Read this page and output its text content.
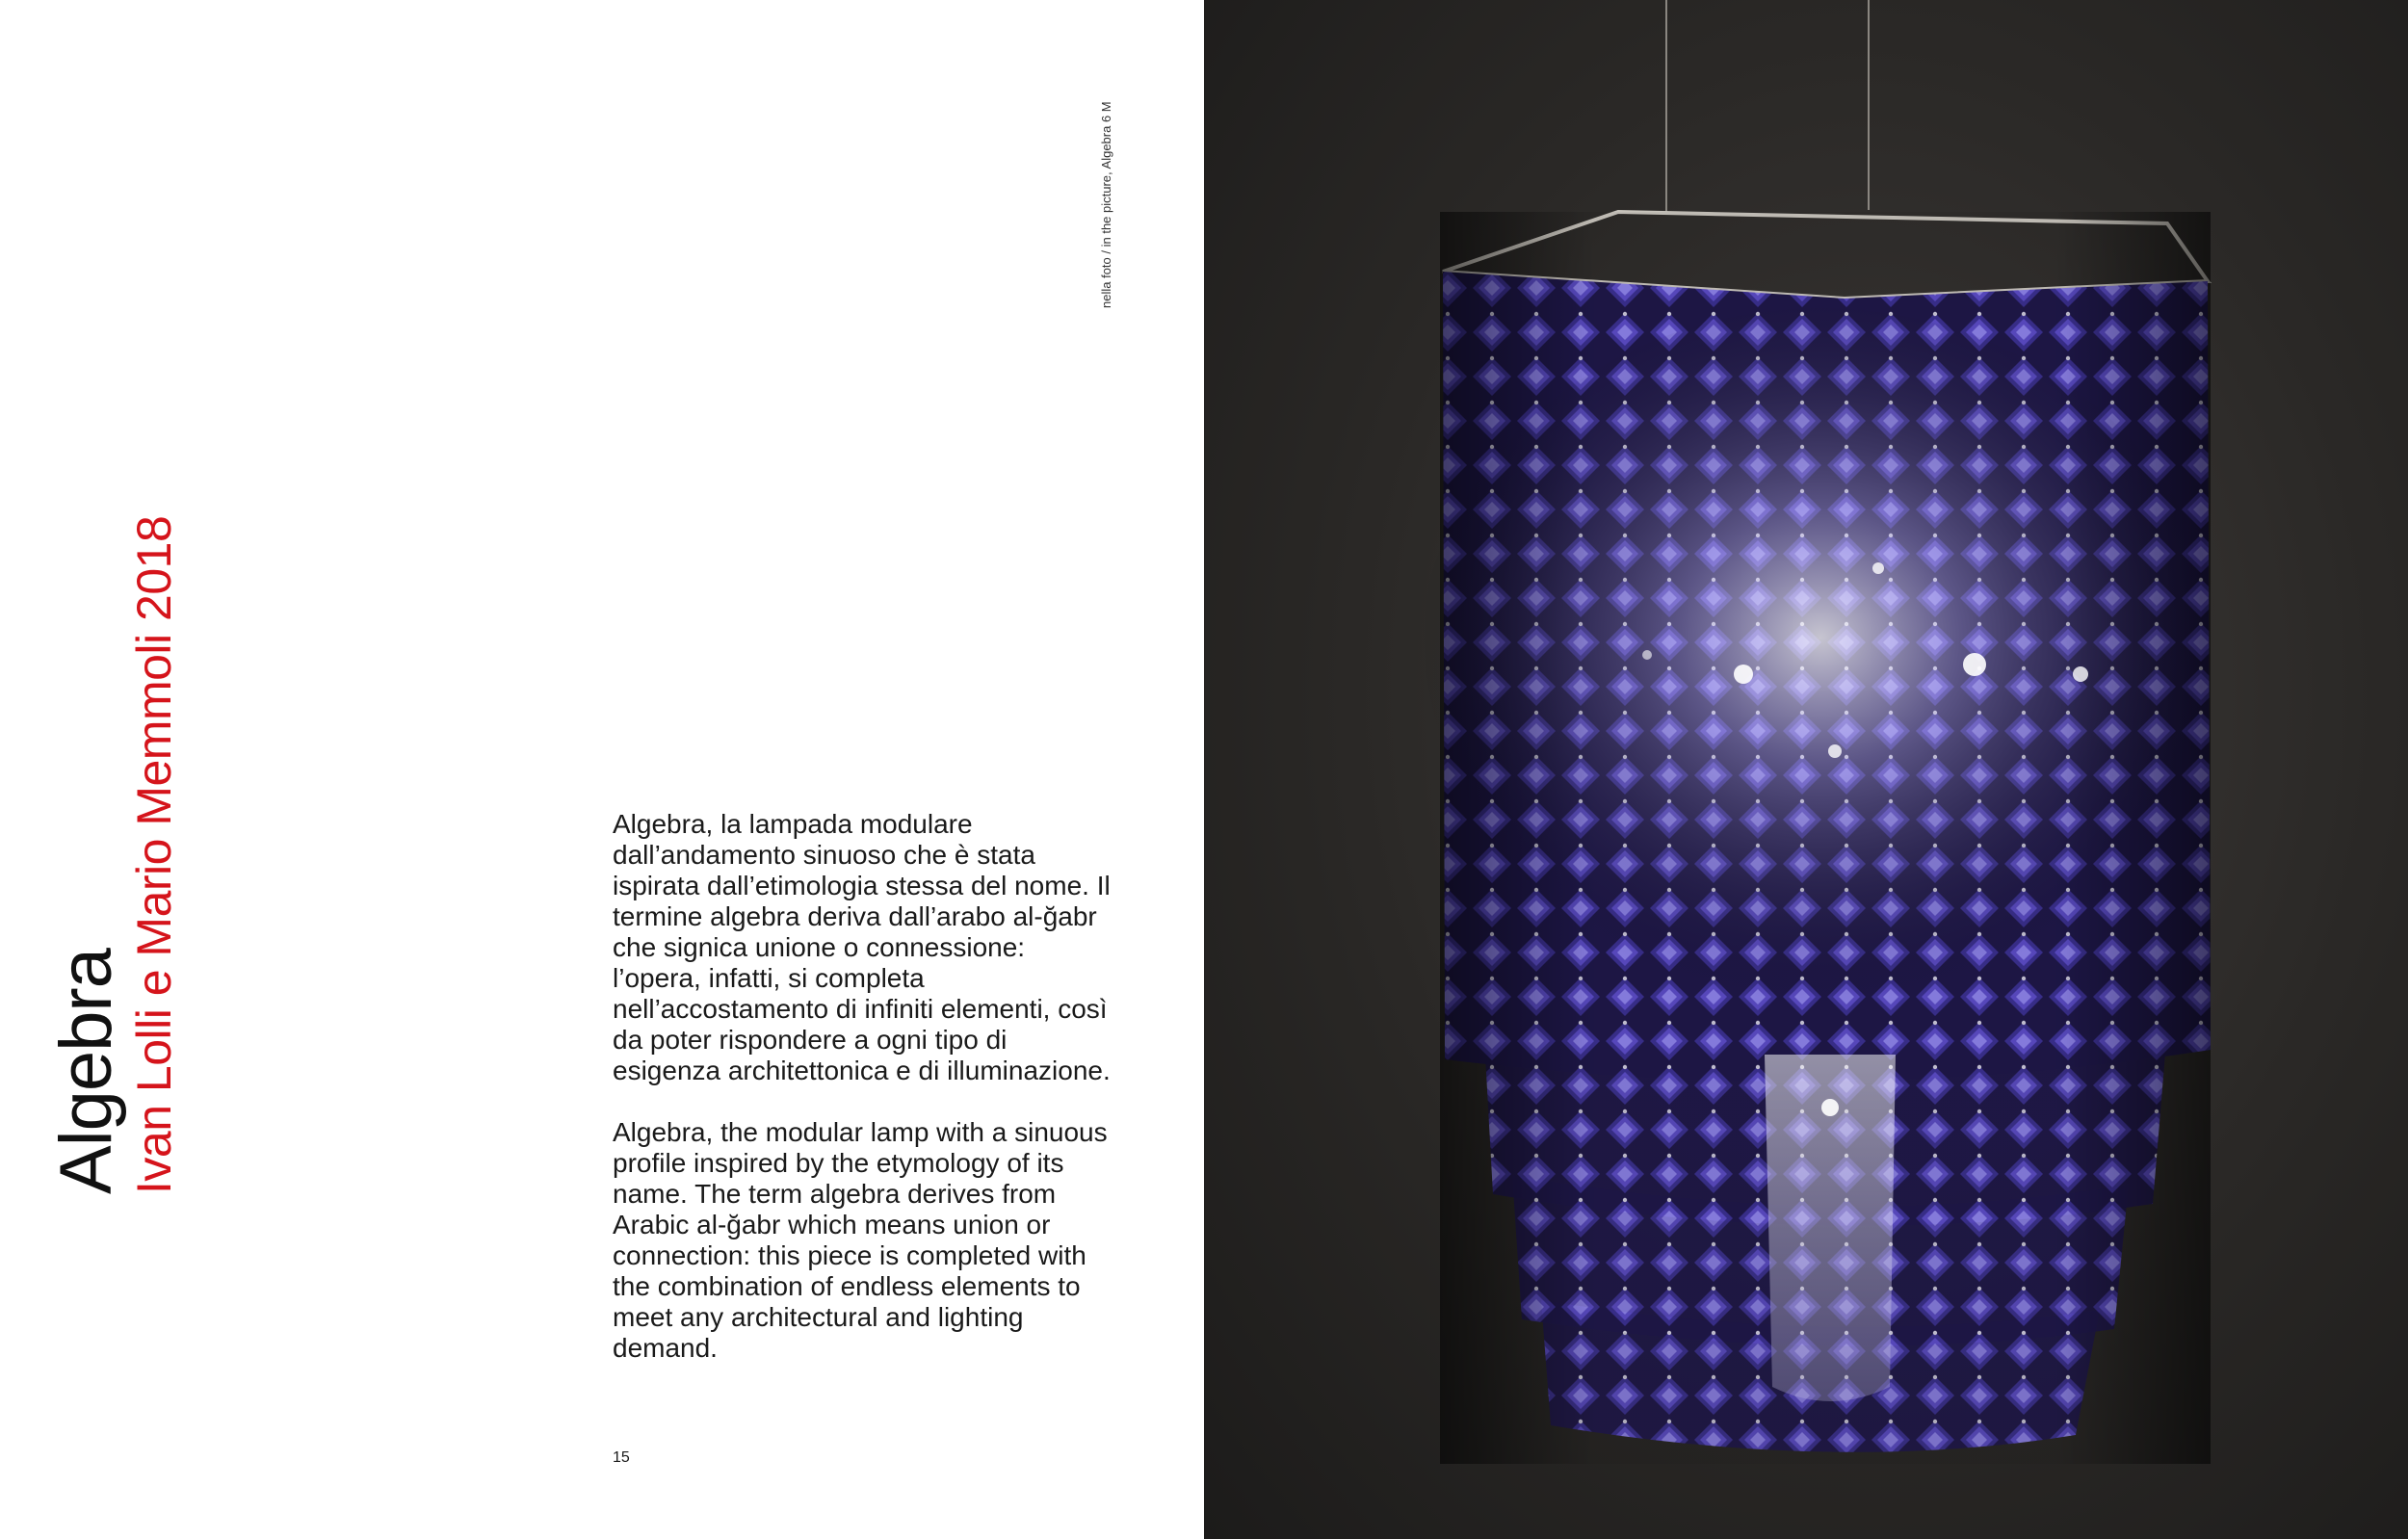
Algebra Ivan Lolli e Mario Memmoli 2018
nella foto / in the picture, Algebra 6 M

Algebra, la lampada modulare dall’andamento sinuoso che è stata ispirata dall’etimologia stessa del nome. Il termine algebra deriva dall’arabo al-ğabr che signica unione o connessione: l’opera, infatti, si completa nell’accostamento di infiniti elementi, così da poter rispondere a ogni tipo di esigenza architettonica e di illuminazione.

Algebra, the modular lamp with a sinuous profile inspired by the etymology of its name. The term algebra derives from Arabic al-ğabr which means union or connection: this piece is completed with the combination of endless elements to meet any architectural and lighting demand.

15
